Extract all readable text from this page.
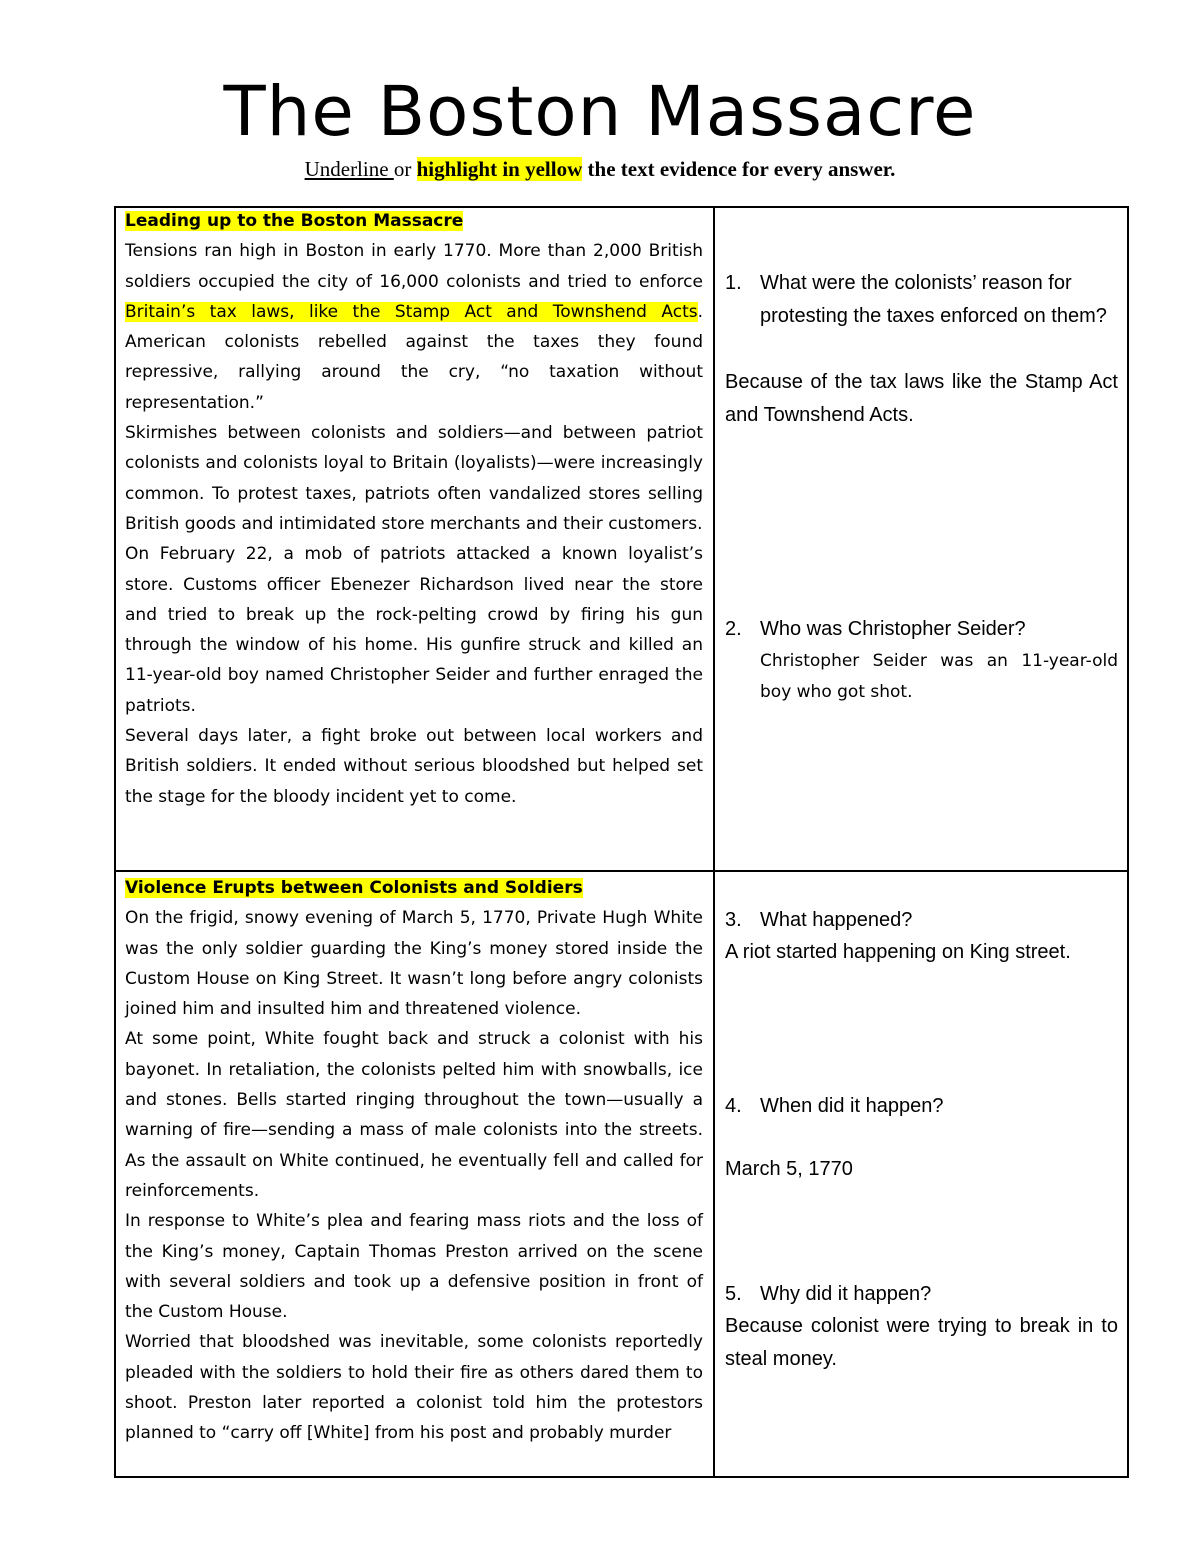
The Boston Massacre
Underline or highlight in yellow the text evidence for every answer.

Leading up to the Boston Massacre

Tensions ran high in Boston in early 1770. More than 2,000 British soldiers occupied the city of 16,000 colonists and tried to enforce Britain’s tax laws, like the Stamp Act and Townshend Acts. American colonists rebelled against the taxes they found repressive, rallying around the cry, “no taxation without representation.”

Skirmishes between colonists and soldiers—and between patriot colonists and colonists loyal to Britain (loyalists)—were increasingly common. To protest taxes, patriots often vandalized stores selling British goods and intimidated store merchants and their customers.

On February 22, a mob of patriots attacked a known loyalist’s store. Customs officer Ebenezer Richardson lived near the store and tried to break up the rock-pelting crowd by firing his gun through the window of his home. His gunfire struck and killed an 11-year-old boy named Christopher Seider and further enraged the patriots.

Several days later, a fight broke out between local workers and British soldiers. It ended without serious bloodshed but helped set the stage for the bloody incident yet to come.

Violence Erupts between Colonists and Soldiers

On the frigid, snowy evening of March 5, 1770, Private Hugh White was the only soldier guarding the King’s money stored inside the Custom House on King Street. It wasn’t long before angry colonists joined him and insulted him and threatened violence.

At some point, White fought back and struck a colonist with his bayonet. In retaliation, the colonists pelted him with snowballs, ice and stones. Bells started ringing throughout the town—usually a warning of fire—sending a mass of male colonists into the streets. As the assault on White continued, he eventually fell and called for reinforcements.

In response to White’s plea and fearing mass riots and the loss of the King’s money, Captain Thomas Preston arrived on the scene with several soldiers and took up a defensive position in front of the Custom House.

Worried that bloodshed was inevitable, some colonists reportedly pleaded with the soldiers to hold their fire as others dared them to shoot. Preston later reported a colonist told him the protestors planned to “carry off [White] from his post and probably murder

1. What were the colonists’ reason for protesting the taxes enforced on them?
Because of the tax laws like the Stamp Act and Townshend Acts.
2. Who was Christopher Seider?
Christopher Seider was an 11-year-old boy who got shot.
3. What happened?
A riot started happening on King street.
4. When did it happen?
March 5, 1770
5. Why did it happen?
Because colonist were trying to break in to steal money.
